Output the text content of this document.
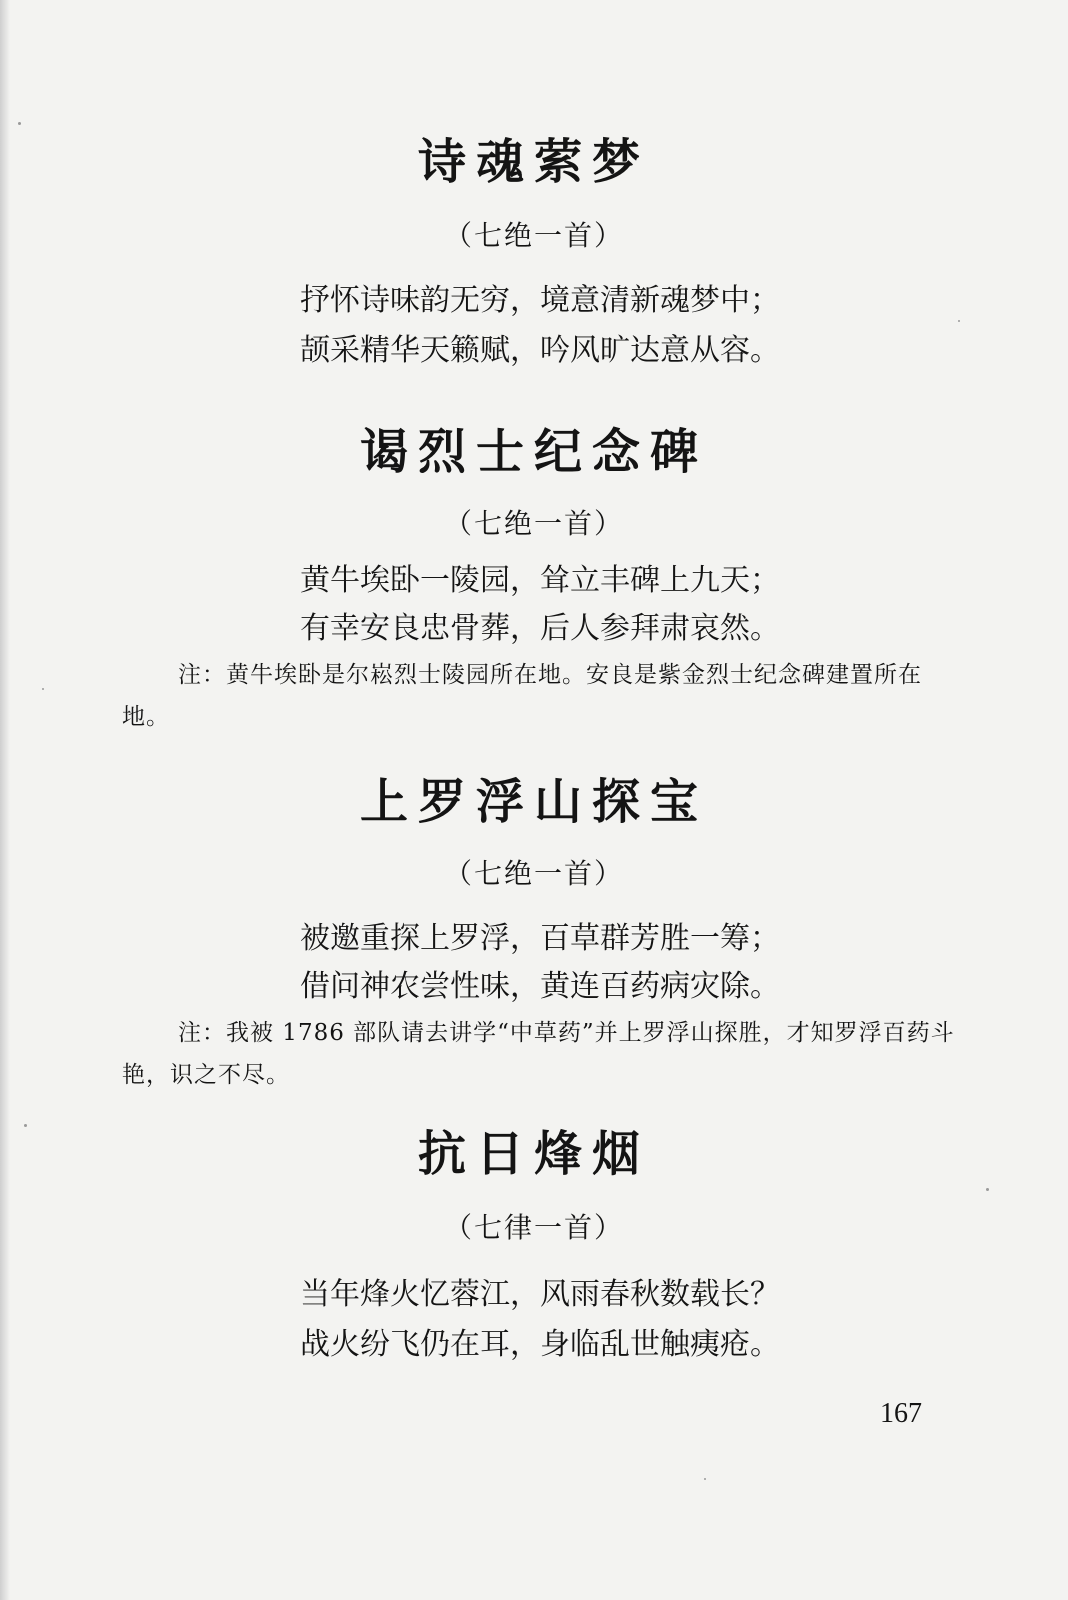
诗魂萦梦
（七绝一首）
抒怀诗味韵无穷，境意清新魂梦中；
颉采精华天籁赋，吟风旷达意从容。
谒烈士纪念碑
（七绝一首）
黄牛埃卧一陵园，耸立丰碑上九天；
有幸安良忠骨葬，后人参拜肃哀然。
注：黄牛埃卧是尔崧烈士陵园所在地。安良是紫金烈士纪念碑建置所在地。
上罗浮山探宝
（七绝一首）
被邀重探上罗浮，百草群芳胜一筹；
借问神农尝性味，黄连百药病灾除。
注：我被 1786 部队请去讲学“中草药”并上罗浮山探胜，才知罗浮百药斗艳，识之不尽。
抗日烽烟
（七律一首）
当年烽火忆蓉江，风雨春秋数载长？
战火纷飞仍在耳，身临乱世触痍疮。
167
